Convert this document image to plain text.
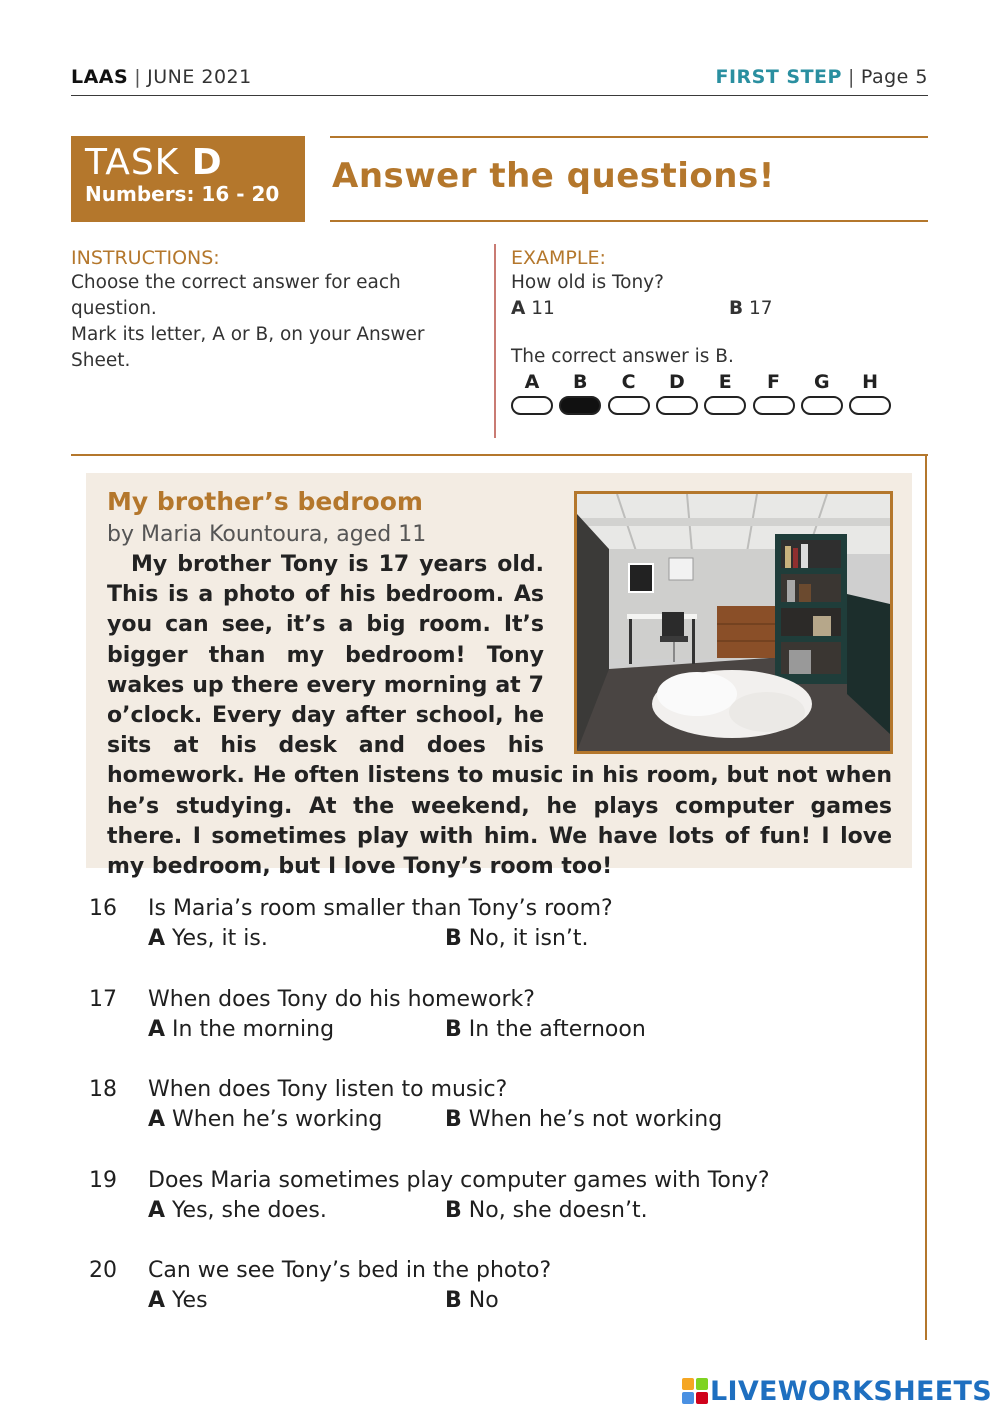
LAAS | JUNE 2021	FIRST STEP | Page 5
TASK D
Numbers: 16 - 20	Answer the questions!
INSTRUCTIONS:
Choose the correct answer for each question.
Mark its letter, A or B, on your Answer Sheet.
EXAMPLE:
How old is Tony?
A 11	B 17
The correct answer is B.
A	B	C	D	E	F	G	H
My brother’s bedroom
by Maria Kountoura, aged 11

My brother Tony is 17 years old. This is a photo of his bedroom. As you can see, it’s a big room. It’s bigger than my bedroom! Tony wakes up there every morning at 7 o’clock. Every day after school, he sits at his desk and does his homework. He often listens to music in his room, but not when he’s studying. At the weekend, he plays computer games there. I sometimes play with him. We have lots of fun! I love my bedroom, but I love Tony’s room too!

16 Is Maria’s room smaller than Tony’s room?
A Yes, it is.	B No, it isn’t.
17 When does Tony do his homework?
A In the morning	B In the afternoon
18 When does Tony listen to music?
A When he’s working	B When he’s not working
19 Does Maria sometimes play computer games with Tony?
A Yes, she does.	B No, she doesn’t.
20 Can we see Tony’s bed in the photo?
A Yes	B No
LIVEWORKSHEETS
